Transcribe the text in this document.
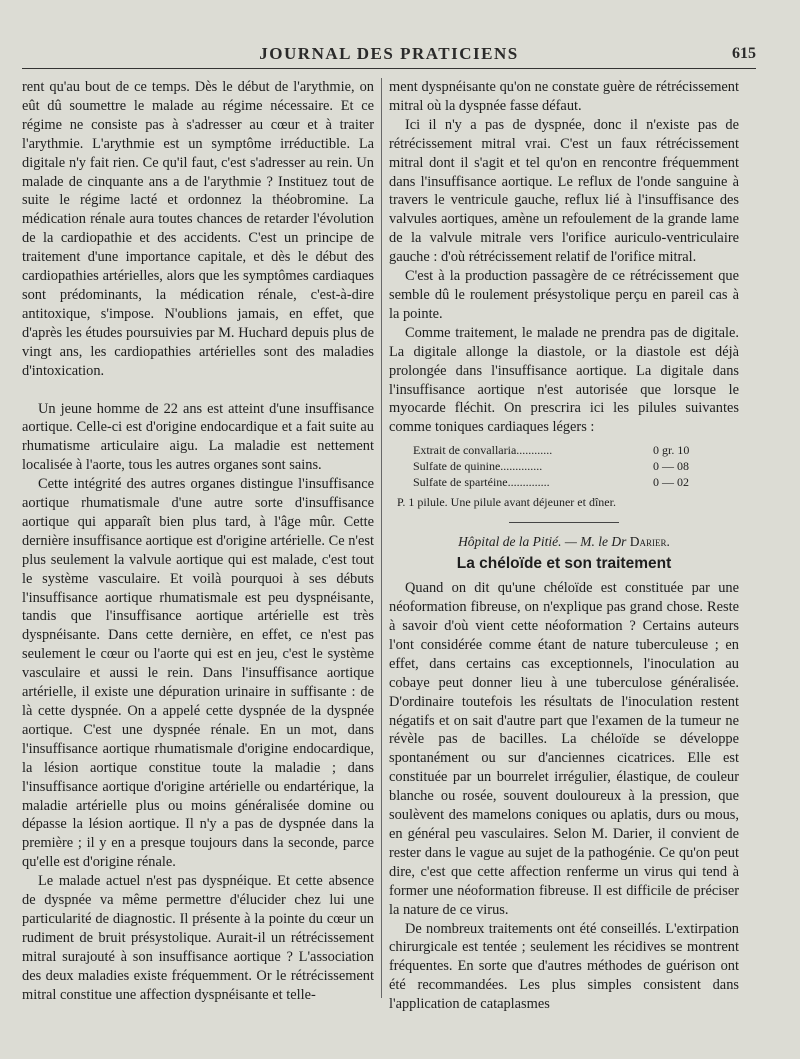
JOURNAL DES PRATICIENS	615

rent qu'au bout de ce temps. Dès le début de l'arythmie, on eût dû soumettre le malade au régime nécessaire. Et ce régime ne consiste pas à s'adresser au cœur et à traiter l'arythmie. L'arythmie est un symptôme irréductible. La digitale n'y fait rien. Ce qu'il faut, c'est s'adresser au rein. Un malade de cinquante ans a de l'arythmie ? Instituez tout de suite le régime lacté et ordonnez la théobromine. La médication rénale aura toutes chances de retarder l'évolution de la cardiopathie et des accidents. C'est un principe de traitement d'une importance capitale, et dès le début des cardiopathies artérielles, alors que les symptômes cardiaques sont prédominants, la médication rénale, c'est-à-dire antitoxique, s'impose. N'oublions jamais, en effet, que d'après les études poursuivies par M. Huchard depuis plus de vingt ans, les cardiopathies artérielles sont des maladies d'intoxication.

Un jeune homme de 22 ans est atteint d'une insuffisance aortique. Celle-ci est d'origine endocardique et a fait suite au rhumatisme articulaire aigu. La maladie est nettement localisée à l'aorte, tous les autres organes sont sains.

Cette intégrité des autres organes distingue l'insuffisance aortique rhumatismale d'une autre sorte d'insuffisance aortique qui apparaît bien plus tard, à l'âge mûr. Cette dernière insuffisance aortique est d'origine artérielle. Ce n'est plus seulement la valvule aortique qui est malade, c'est tout le système vasculaire. Et voilà pourquoi à ses débuts l'insuffisance aortique rhumatismale est peu dyspnéisante, tandis que l'insuffisance aortique artérielle est très dyspnéisante. Dans cette dernière, en effet, ce n'est pas seulement le cœur ou l'aorte qui est en jeu, c'est le système vasculaire et aussi le rein. Dans l'insuffisance aortique artérielle, il existe une dépuration urinaire in suffisante : de là cette dyspnée. On a appelé cette dyspnée de la dyspnée aortique. C'est une dyspnée rénale. En un mot, dans l'insuffisance aortique rhumatismale d'origine endocardique, la lésion aortique constitue toute la maladie ; dans l'insuffisance aortique d'origine artérielle ou endartérique, la maladie artérielle plus ou moins généralisée domine ou dépasse la lésion aortique. Il n'y a pas de dyspnée dans la première ; il y en a presque toujours dans la seconde, parce qu'elle est d'origine rénale.

Le malade actuel n'est pas dyspnéique. Et cette absence de dyspnée va même permettre d'élucider chez lui une particularité de diagnostic. Il présente à la pointe du cœur un rudiment de bruit présystolique. Aurait-il un rétrécissement mitral surajouté à son insuffisance aortique ? L'association des deux maladies existe fréquemment. Or le rétrécissement mitral constitue une affection dyspnéisante et telle-

ment dyspnéisante qu'on ne constate guère de rétrécissement mitral où la dyspnée fasse défaut.

Ici il n'y a pas de dyspnée, donc il n'existe pas de rétrécissement mitral vrai. C'est un faux rétrécissement mitral dont il s'agit et tel qu'on en rencontre fréquemment dans l'insuffisance aortique. Le reflux de l'onde sanguine à travers le ventricule gauche, reflux lié à l'insuffisance des valvules aortiques, amène un refoulement de la grande lame de la valvule mitrale vers l'orifice auriculo-ventriculaire gauche : d'où rétrécissement relatif de l'orifice mitral.

C'est à la production passagère de ce rétrécissement que semble dû le roulement présystolique perçu en pareil cas à la pointe.

Comme traitement, le malade ne prendra pas de digitale. La digitale allonge la diastole, or la diastole est déjà prolongée dans l'insuffisance aortique. La digitale dans l'insuffisance aortique n'est autorisée que lorsque le myocarde fléchit. On prescrira ici les pilules suivantes comme toniques cardiaques légers :

Extrait de convallaria............	0 gr. 10
Sulfate de quinine..............	0 — 08
Sulfate de spartéine..............	0 — 02

P. 1 pilule. Une pilule avant déjeuner et dîner.

Hôpital de la Pitié. — M. le Dr Darier.

La chéloïde et son traitement

Quand on dit qu'une chéloïde est constituée par une néoformation fibreuse, on n'explique pas grand chose. Reste à savoir d'où vient cette néoformation ? Certains auteurs l'ont considérée comme étant de nature tuberculeuse ; en effet, dans certains cas exceptionnels, l'inoculation au cobaye peut donner lieu à une tuberculose généralisée. D'ordinaire toutefois les résultats de l'inoculation restent négatifs et on sait d'autre part que l'examen de la tumeur ne révèle pas de bacilles. La chéloïde se développe spontanément ou sur d'anciennes cicatrices. Elle est constituée par un bourrelet irrégulier, élastique, de couleur blanche ou rosée, souvent douloureux à la pression, que soulèvent des mamelons coniques ou aplatis, durs ou mous, en général peu vasculaires. Selon M. Darier, il convient de rester dans le vague au sujet de la pathogénie. Ce qu'on peut dire, c'est que cette affection renferme un virus qui tend à former une néoformation fibreuse. Il est difficile de préciser la nature de ce virus.

De nombreux traitements ont été conseillés. L'extirpation chirurgicale est tentée ; seulement les récidives se montrent fréquentes. En sorte que d'autres méthodes de guérison ont été recommandées. Les plus simples consistent dans l'application de cataplasmes
